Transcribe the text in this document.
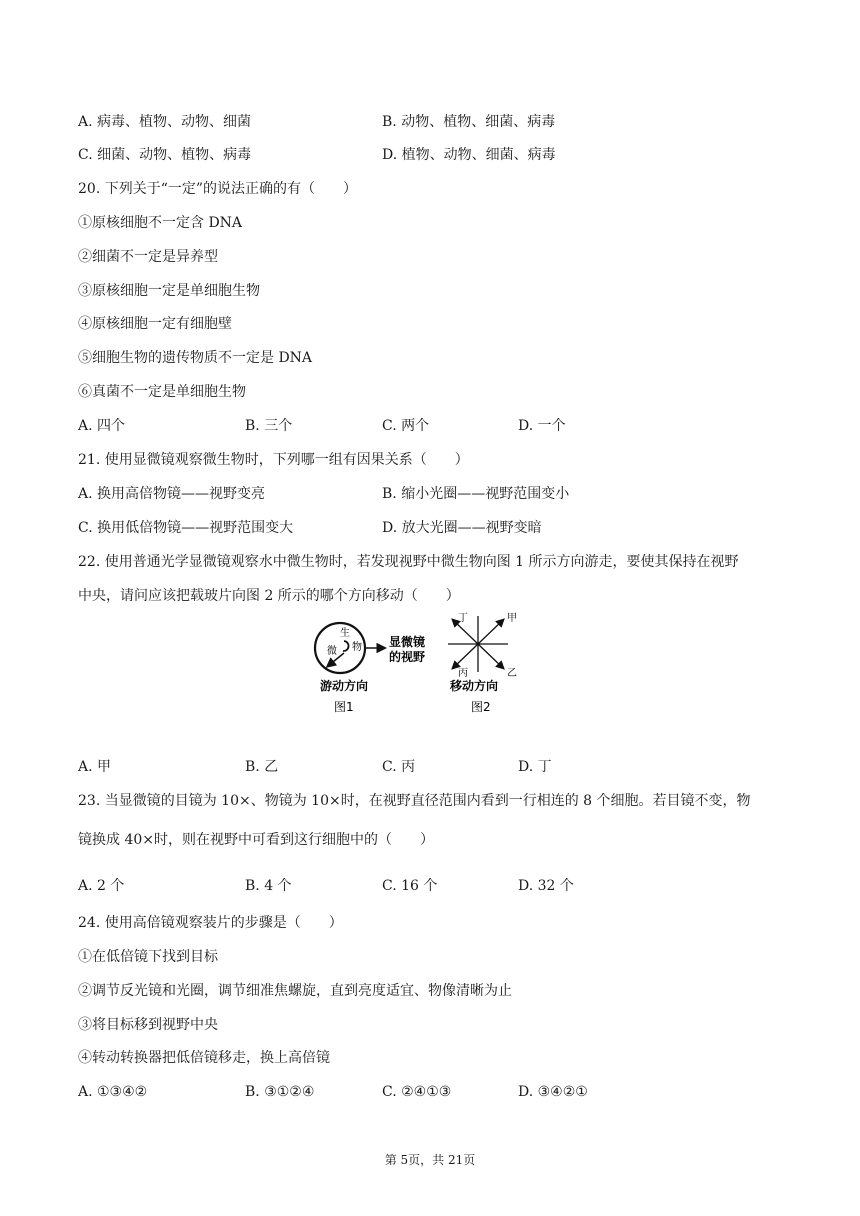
A. 病毒、植物、动物、细菌	B. 动物、植物、细菌、病毒
C. 细菌、动物、植物、病毒	D. 植物、动物、细菌、病毒
20. 下列关于“一定”的说法正确的有（　　）
①原核细胞不一定含 DNA
②细菌不一定是异养型
③原核细胞一定是单细胞生物
④原核细胞一定有细胞壁
⑤细胞生物的遗传物质不一定是 DNA
⑥真菌不一定是单细胞生物
A. 四个	B. 三个	C. 两个	D. 一个
21. 使用显微镜观察微生物时，下列哪一组有因果关系（　　）
A. 换用高倍物镜——视野变亮	B. 缩小光圈——视野范围变小
C. 换用低倍物镜——视野范围变大	D. 放大光圈——视野变暗
22. 使用普通光学显微镜观察水中微生物时，若发现视野中微生物向图 1 所示方向游走，要使其保持在视野
中央，请问应该把载玻片向图 2 所示的哪个方向移动（　　）
微
生
物 显微镜
的视野
游动方向
图1
丁	甲
丙	乙
移动方向
图2
A. 甲	B. 乙	C. 丙	D. 丁
23. 当显微镜的目镜为 10×、物镜为 10×时，在视野直径范围内看到一行相连的 8 个细胞。若目镜不变，物
镜换成 40×时，则在视野中可看到这行细胞中的（　　）
A. 2 个	B. 4 个	C. 16 个	D. 32 个
24. 使用高倍镜观察装片的步骤是（　　）
①在低倍镜下找到目标
②调节反光镜和光圈，调节细准焦螺旋，直到亮度适宜、物像清晰为止
③将目标移到视野中央
④转动转换器把低倍镜移走，换上高倍镜
A. ①③④②	B. ③①②④	C. ②④①③	D. ③④②①
第 5页，共 21页
